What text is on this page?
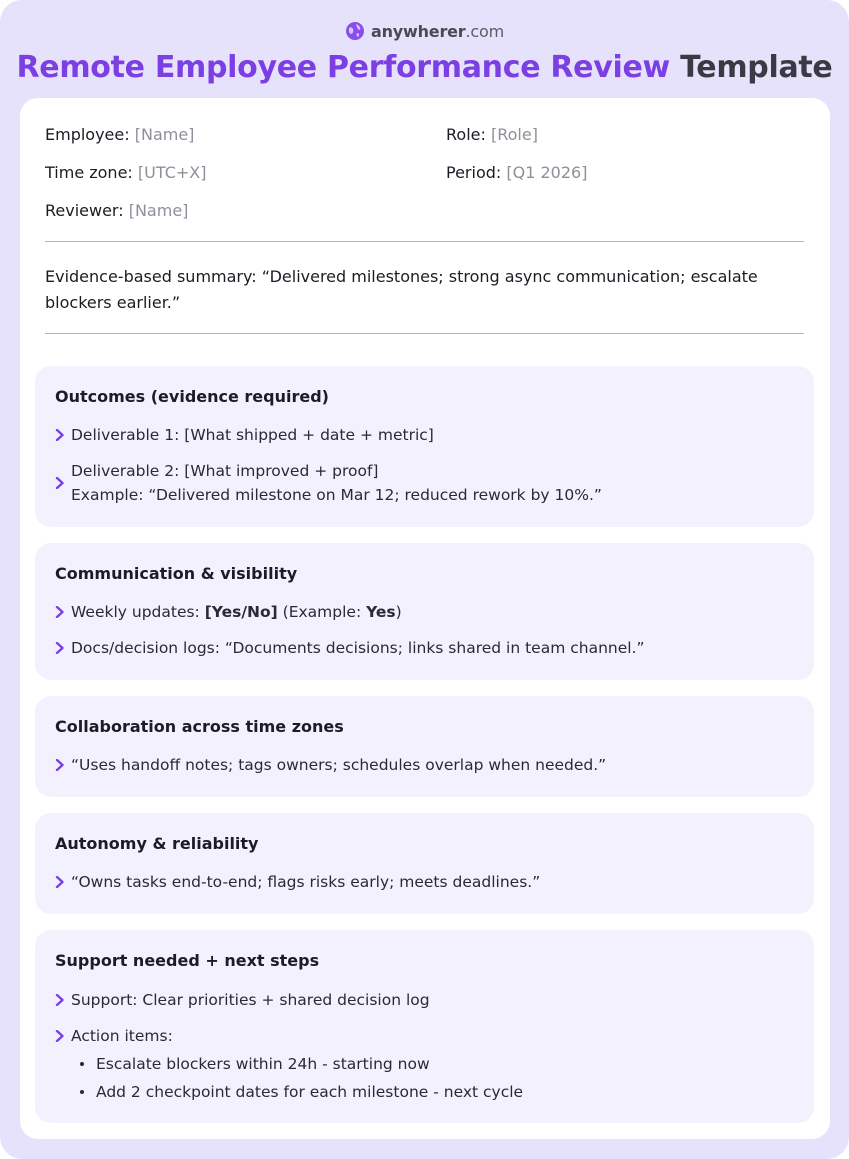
anywherer.com
Remote Employee Performance Review Template
Employee: [Name]	Role: [Role]
Time zone: [UTC+X]	Period: [Q1 2026]
Reviewer: [Name]
Evidence-based summary: “Delivered milestones; strong async communication; escalate blockers earlier.”
Outcomes (evidence required)
Deliverable 1: [What shipped + date + metric]
Deliverable 2: [What improved + proof]
Example: “Delivered milestone on Mar 12; reduced rework by 10%.”
Communication & visibility
Weekly updates: [Yes/No] (Example: Yes)
Docs/decision logs: “Documents decisions; links shared in team channel.”
Collaboration across time zones
“Uses handoff notes; tags owners; schedules overlap when needed.”
Autonomy & reliability
“Owns tasks end-to-end; flags risks early; meets deadlines.”
Support needed + next steps
Support: Clear priorities + shared decision log
Action items:
Escalate blockers within 24h - starting now
Add 2 checkpoint dates for each milestone - next cycle
